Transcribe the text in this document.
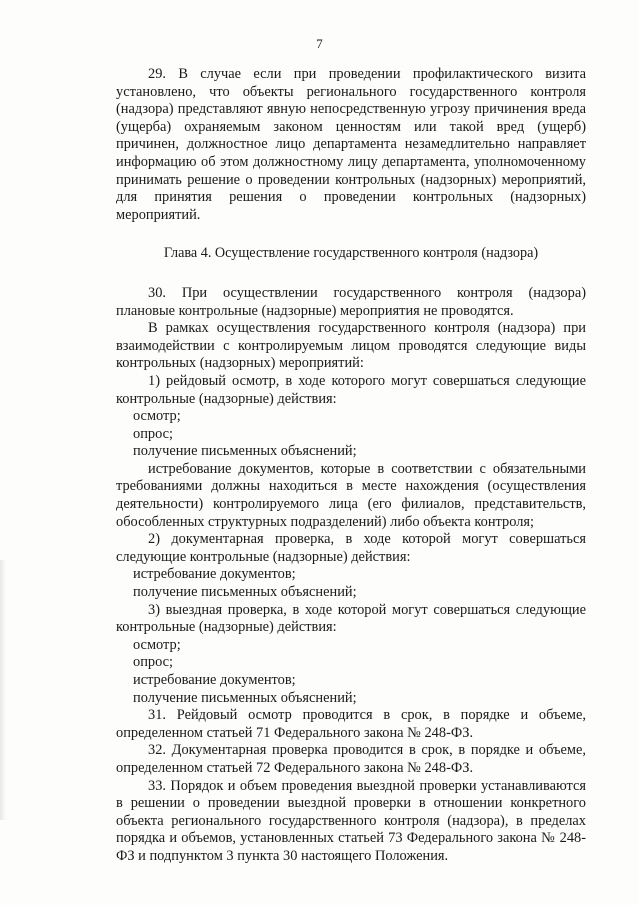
7

29. В случае если при проведении профилактического визита установлено, что объекты регионального государственного контроля (надзора) представляют явную непосредственную угрозу причинения вреда (ущерба) охраняемым законом ценностям или такой вред (ущерб) причинен, должностное лицо департамента незамедлительно направляет информацию об этом должностному лицу департамента, уполномоченному принимать решение о проведении контрольных (надзорных) мероприятий, для принятия решения о проведении контрольных (надзорных) мероприятий.

Глава 4. Осуществление государственного контроля (надзора)

30. При осуществлении государственного контроля (надзора) плановые контрольные (надзорные) мероприятия не проводятся.

В рамках осуществления государственного контроля (надзора) при взаимодействии с контролируемым лицом проводятся следующие виды контрольных (надзорных) мероприятий:

1) рейдовый осмотр, в ходе которого могут совершаться следующие контрольные (надзорные) действия:

осмотр;

опрос;

получение письменных объяснений;

истребование документов, которые в соответствии с обязательными требованиями должны находиться в месте нахождения (осуществления деятельности) контролируемого лица (его филиалов, представительств, обособленных структурных подразделений) либо объекта контроля;

2) документарная проверка, в ходе которой могут совершаться следующие контрольные (надзорные) действия:

истребование документов;

получение письменных объяснений;

3) выездная проверка, в ходе которой могут совершаться следующие контрольные (надзорные) действия:

осмотр;

опрос;

истребование документов;

получение письменных объяснений;

31. Рейдовый осмотр проводится в срок, в порядке и объеме, определенном статьей 71 Федерального закона № 248-ФЗ.

32. Документарная проверка проводится в срок, в порядке и объеме, определенном статьей 72 Федерального закона № 248-ФЗ.

33. Порядок и объем проведения выездной проверки устанавливаются в решении о проведении выездной проверки в отношении конкретного объекта регионального государственного контроля (надзора), в пределах порядка и объемов, установленных статьей 73 Федерального закона № 248-ФЗ и подпунктом 3 пункта 30 настоящего Положения.
